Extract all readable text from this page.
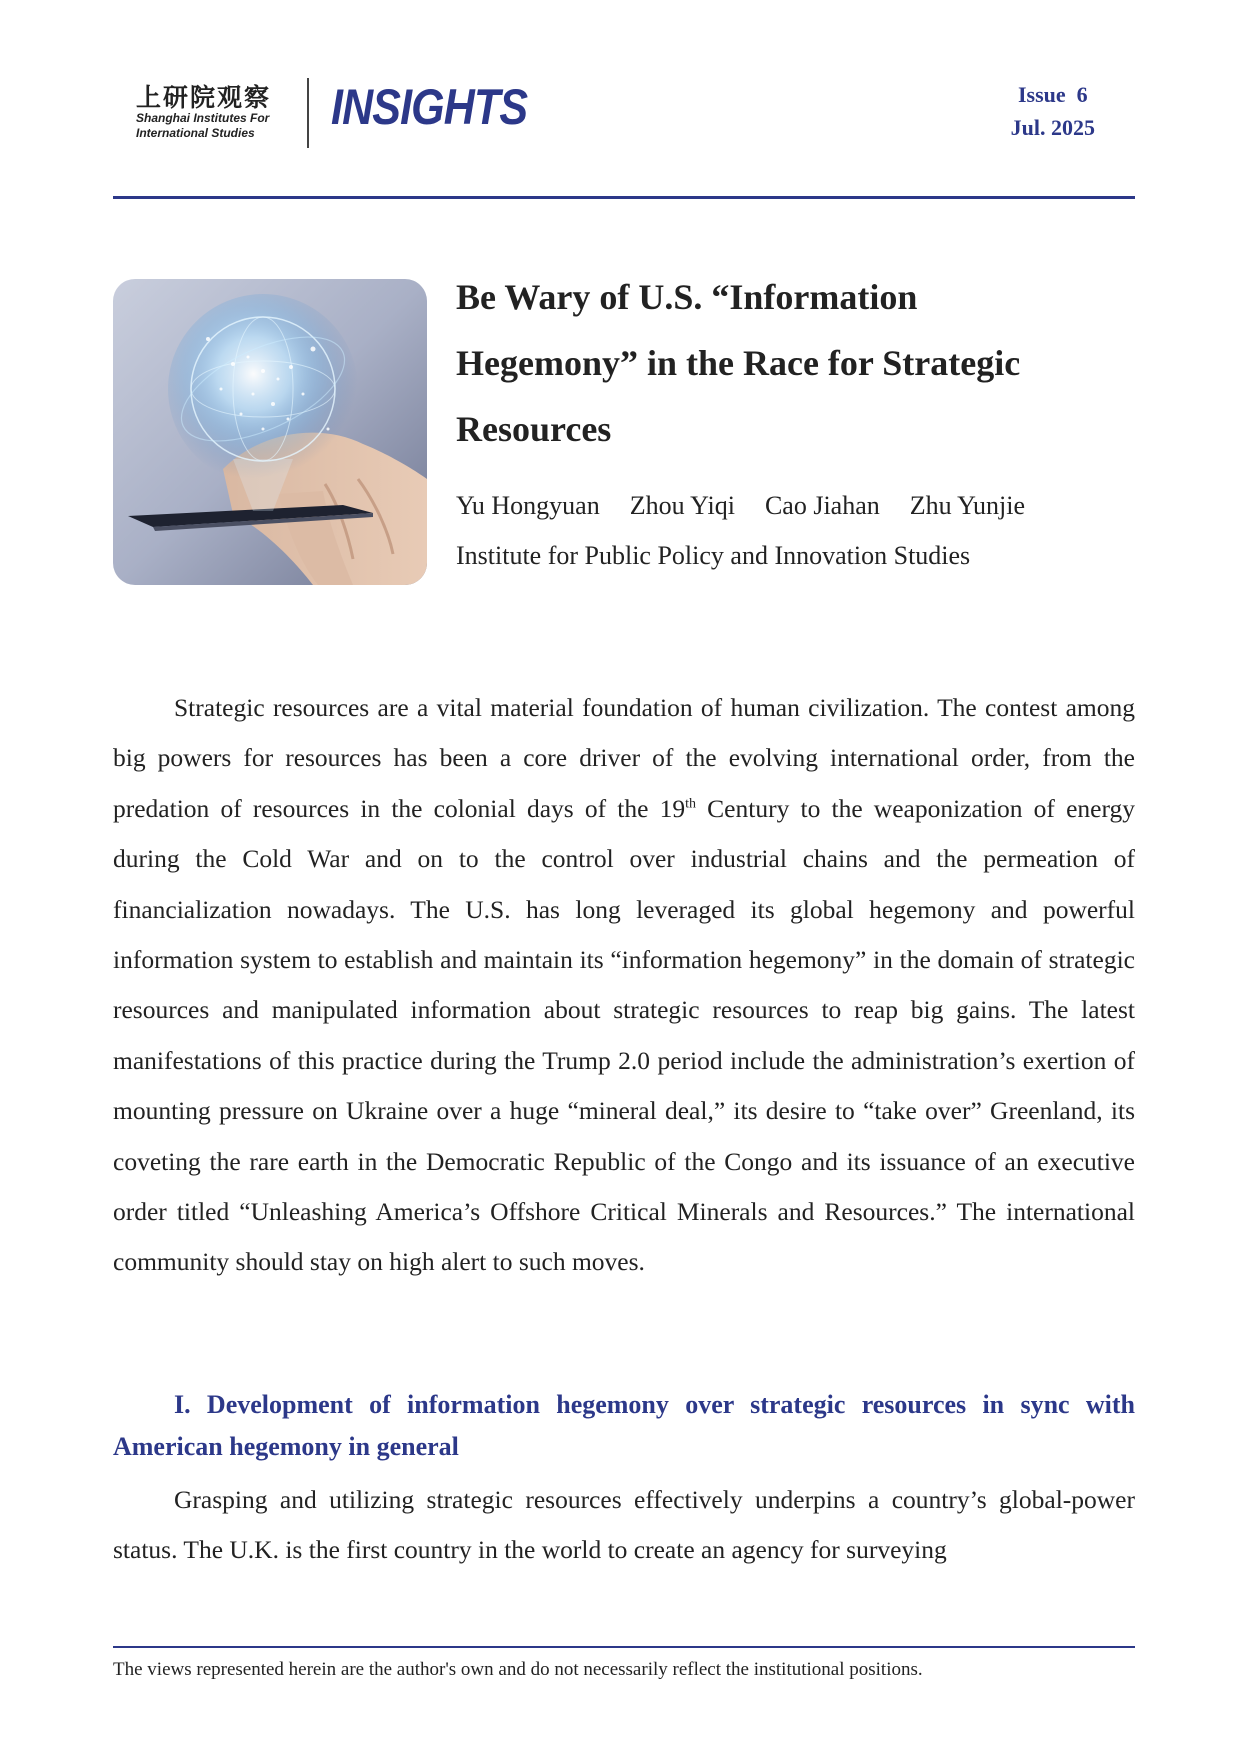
上研院观察
Shanghai Institutes For
International Studies INSIGHTS	Issue  6
Jul. 2025
Be Wary of U.S. “Information
Hegemony” in the Race for Strategic
Resources
Yu Hongyuan Zhou Yiqi Cao Jiahan Zhu Yunjie
Institute for Public Policy and Innovation Studies

Strategic resources are a vital material foundation of human civilization. The contest among big powers for resources has been a core driver of the evolving international order, from the predation of resources in the colonial days of the 19th Century to the weaponization of energy during the Cold War and on to the control over industrial chains and the permeation of financialization nowadays. The U.S. has long leveraged its global hegemony and powerful information system to establish and maintain its “information hegemony” in the domain of strategic resources and manipulated information about strategic resources to reap big gains. The latest manifestations of this practice during the Trump 2.0 period include the administration’s exertion of mounting pressure on Ukraine over a huge “mineral deal,” its desire to “take over” Greenland, its coveting the rare earth in the Democratic Republic of the Congo and its issuance of an executive order titled “Unleashing America’s Offshore Critical Minerals and Resources.” The international community should stay on high alert to such moves.

I. Development of information hegemony over strategic resources in sync with American hegemony in general

Grasping and utilizing strategic resources effectively underpins a country’s global-power status. The U.K. is the first country in the world to create an agency for surveying

The views represented herein are the author's own and do not necessarily reflect the institutional positions.
